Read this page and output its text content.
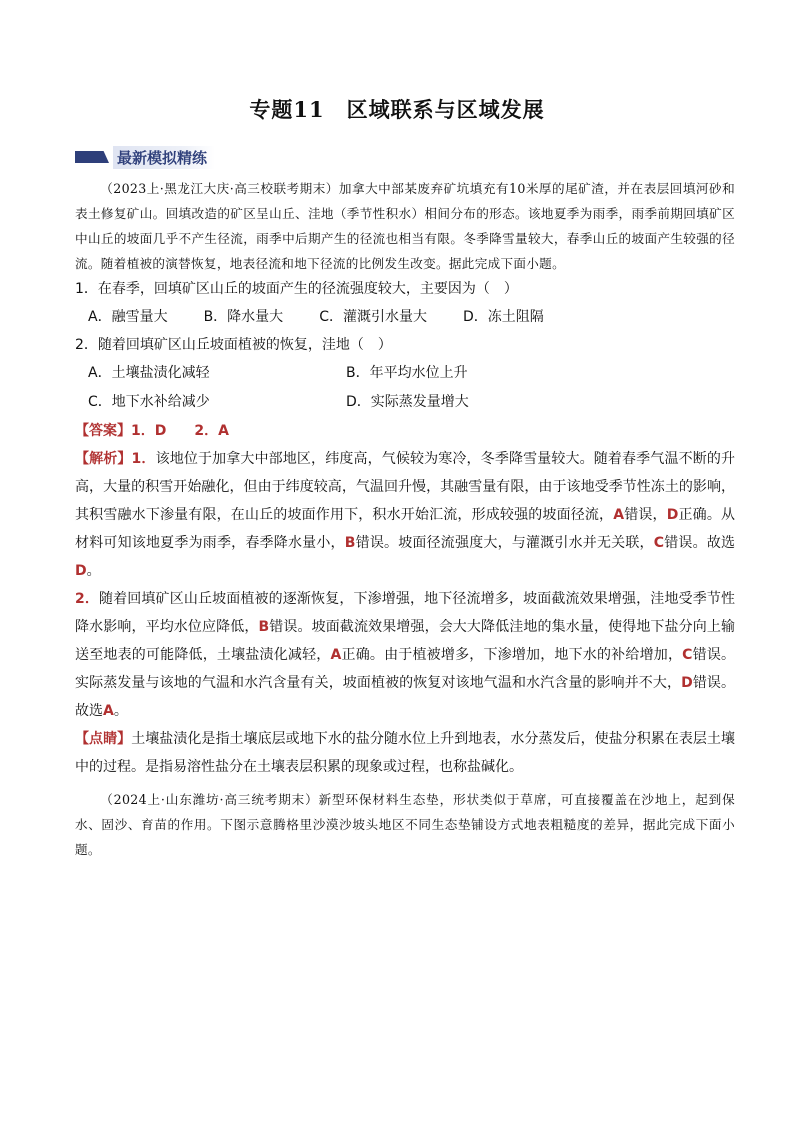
专题11　区域联系与区域发展
最新模拟精练

（2023上·黑龙江大庆·高三校联考期末）加拿大中部某废弃矿坑填充有10米厚的尾矿渣，并在表层回填河砂和表土修复矿山。回填改造的矿区呈山丘、洼地（季节性积水）相间分布的形态。该地夏季为雨季，雨季前期回填矿区中山丘的坡面几乎不产生径流，雨季中后期产生的径流也相当有限。冬季降雪量较大，春季山丘的坡面产生较强的径流。随着植被的演替恢复，地表径流和地下径流的比例发生改变。据此完成下面小题。

1．在春季，回填矿区山丘的坡面产生的径流强度较大，主要因为（　）

A．融雪量大	B．降水量大	C．灌溉引水量大	D．冻土阻隔

2．随着回填矿区山丘坡面植被的恢复，洼地（　）

A．土壤盐渍化减轻	B．年平均水位上升
C．地下水补给减少	D．实际蒸发量增大

【答案】1．D　　2．A

【解析】1．该地位于加拿大中部地区，纬度高，气候较为寒冷，冬季降雪量较大。随着春季气温不断的升高，大量的积雪开始融化，但由于纬度较高，气温回升慢，其融雪量有限，由于该地受季节性冻土的影响，其积雪融水下渗量有限，在山丘的坡面作用下，积水开始汇流，形成较强的坡面径流，A错误，D正确。从材料可知该地夏季为雨季，春季降水量小，B错误。坡面径流强度大，与灌溉引水并无关联，C错误。故选D。

2．随着回填矿区山丘坡面植被的逐渐恢复，下渗增强，地下径流增多，坡面截流效果增强，洼地受季节性降水影响，平均水位应降低，B错误。坡面截流效果增强，会大大降低洼地的集水量，使得地下盐分向上输送至地表的可能降低，土壤盐渍化减轻，A正确。由于植被增多，下渗增加，地下水的补给增加，C错误。实际蒸发量与该地的气温和水汽含量有关，坡面植被的恢复对该地气温和水汽含量的影响并不大，D错误。故选A。

【点睛】土壤盐渍化是指土壤底层或地下水的盐分随水位上升到地表，水分蒸发后，使盐分积累在表层土壤中的过程。是指易溶性盐分在土壤表层积累的现象或过程，也称盐碱化。

（2024上·山东潍坊·高三统考期末）新型环保材料生态垫，形状类似于草席，可直接覆盖在沙地上，起到保水、固沙、育苗的作用。下图示意腾格里沙漠沙坡头地区不同生态垫铺设方式地表粗糙度的差异，据此完成下面小题。
